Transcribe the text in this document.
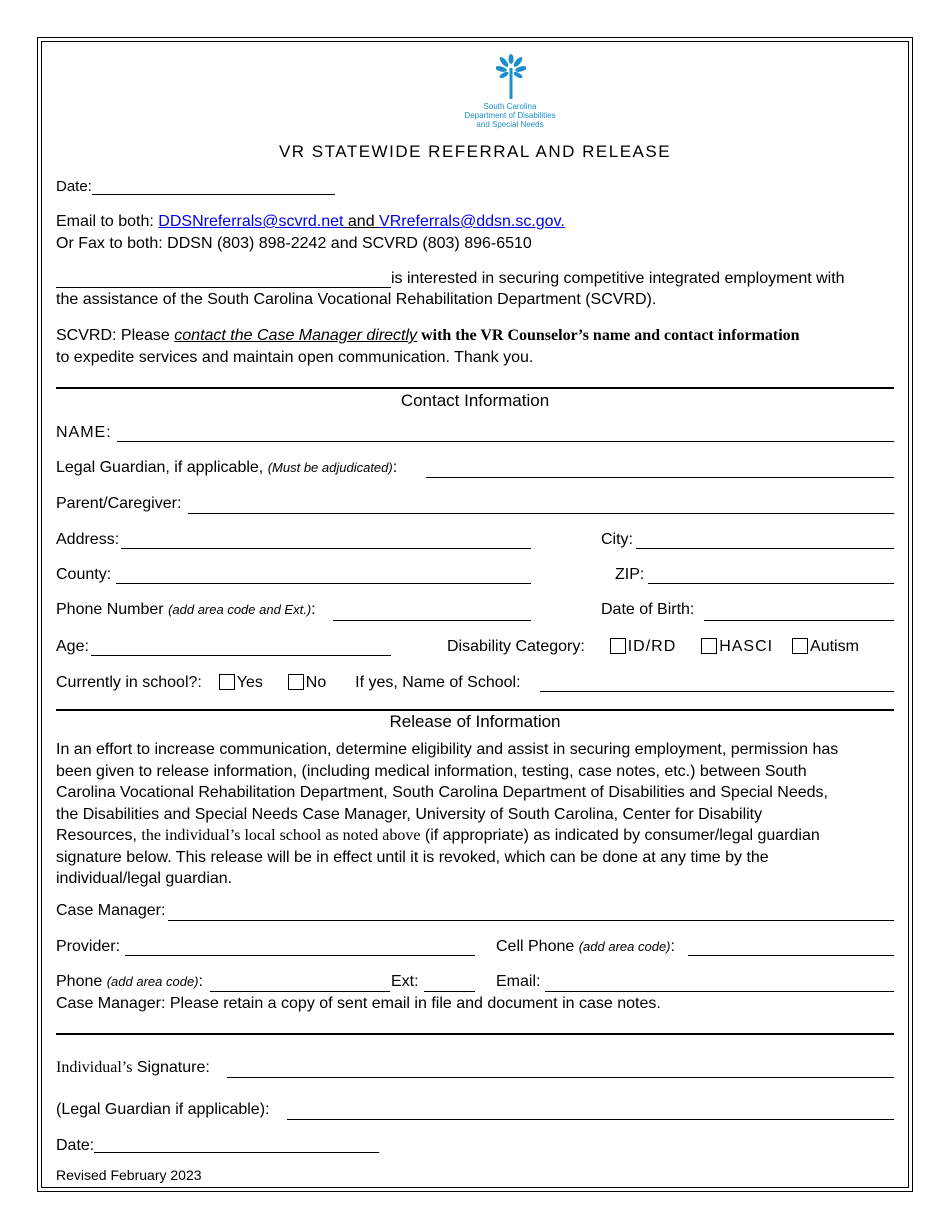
South Carolina
Department of Disabilities
and Special Needs
VR STATEWIDE REFERRAL AND RELEASE
Date:
Email to both: DDSNreferrals@scvrd.net and VRreferrals@ddsn.sc.gov.
Or Fax to both: DDSN (803) 898-2242 and SCVRD (803) 896-6510
is interested in securing competitive integrated employment with
the assistance of the South Carolina Vocational Rehabilitation Department (SCVRD).
SCVRD: Please contact the Case Manager directly with the VR Counselor’s name and contact information
to expedite services and maintain open communication. Thank you.
Contact Information
NAME:
Legal Guardian, if applicable, (Must be adjudicated):
Parent/Caregiver:
Address:	City:
County:	ZIP:
Phone Number (add area code and Ext.):	Date of Birth:
Age:	Disability Category:	ID/RD	HASCI Autism
Currently in school?: Yes	No If yes, Name of School:
Release of Information
In an effort to increase communication, determine eligibility and assist in securing employment, permission has
been given to release information, (including medical information, testing, case notes, etc.) between South
Carolina Vocational Rehabilitation Department, South Carolina Department of Disabilities and Special Needs,
the Disabilities and Special Needs Case Manager, University of South Carolina, Center for Disability
Resources, the individual’s local school as noted above (if appropriate) as indicated by consumer/legal guardian
signature below. This release will be in effect until it is revoked, which can be done at any time by the
individual/legal guardian.
Case Manager:
Provider:	Cell Phone (add area code):
Phone (add area code):	Ext:	Email:
Case Manager: Please retain a copy of sent email in file and document in case notes.
Individual’s Signature:
(Legal Guardian if applicable):
Date:________________________________
Revised February 2023
